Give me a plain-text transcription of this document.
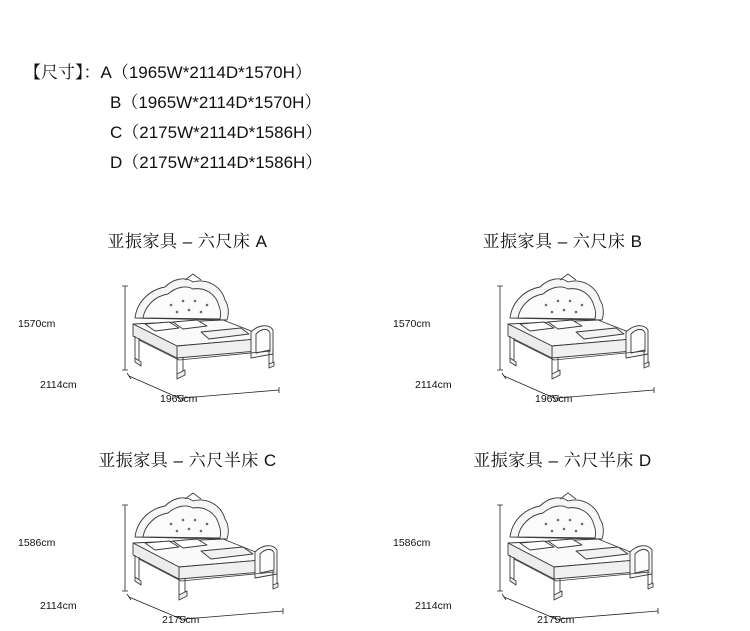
【尺寸】：A（1965W*2114D*1570H）
B（1965W*2114D*1570H）
C（2175W*2114D*1586H）
D（2175W*2114D*1586H）
亚振家具 – 六尺床 A
1570cm
2114cm
1965cm
亚振家具 – 六尺床 B
1570cm
2114cm
1965cm
亚振家具 – 六尺半床 C
1586cm
2114cm
2175cm
亚振家具 – 六尺半床 D
1586cm
2114cm
2175cm
